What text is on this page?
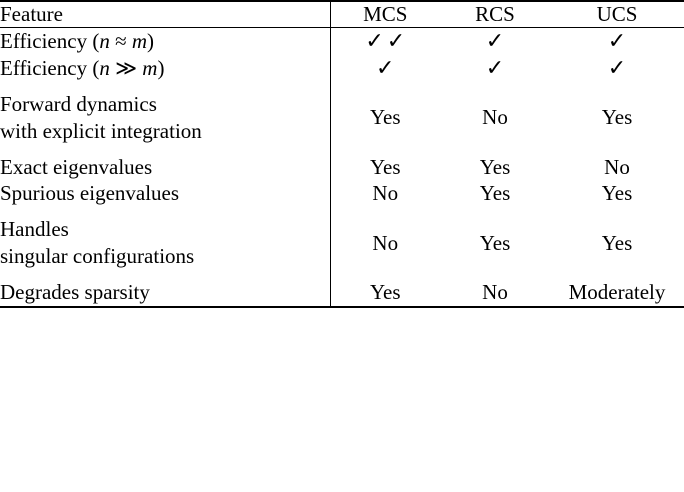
Feature	MCS	RCS	UCS

Efficiency (n ≈ m)	✓ ✓	✓	✓

Efficiency (n ≫ m)	✓	✓	✓

Forward dynamics
with explicit integration	Yes	No	Yes

Exact eigenvalues	Yes	Yes	No

Spurious eigenvalues	No	Yes	Yes

Handles
singular configurations	No	Yes	Yes

Degrades sparsity	Yes	No	Moderately
